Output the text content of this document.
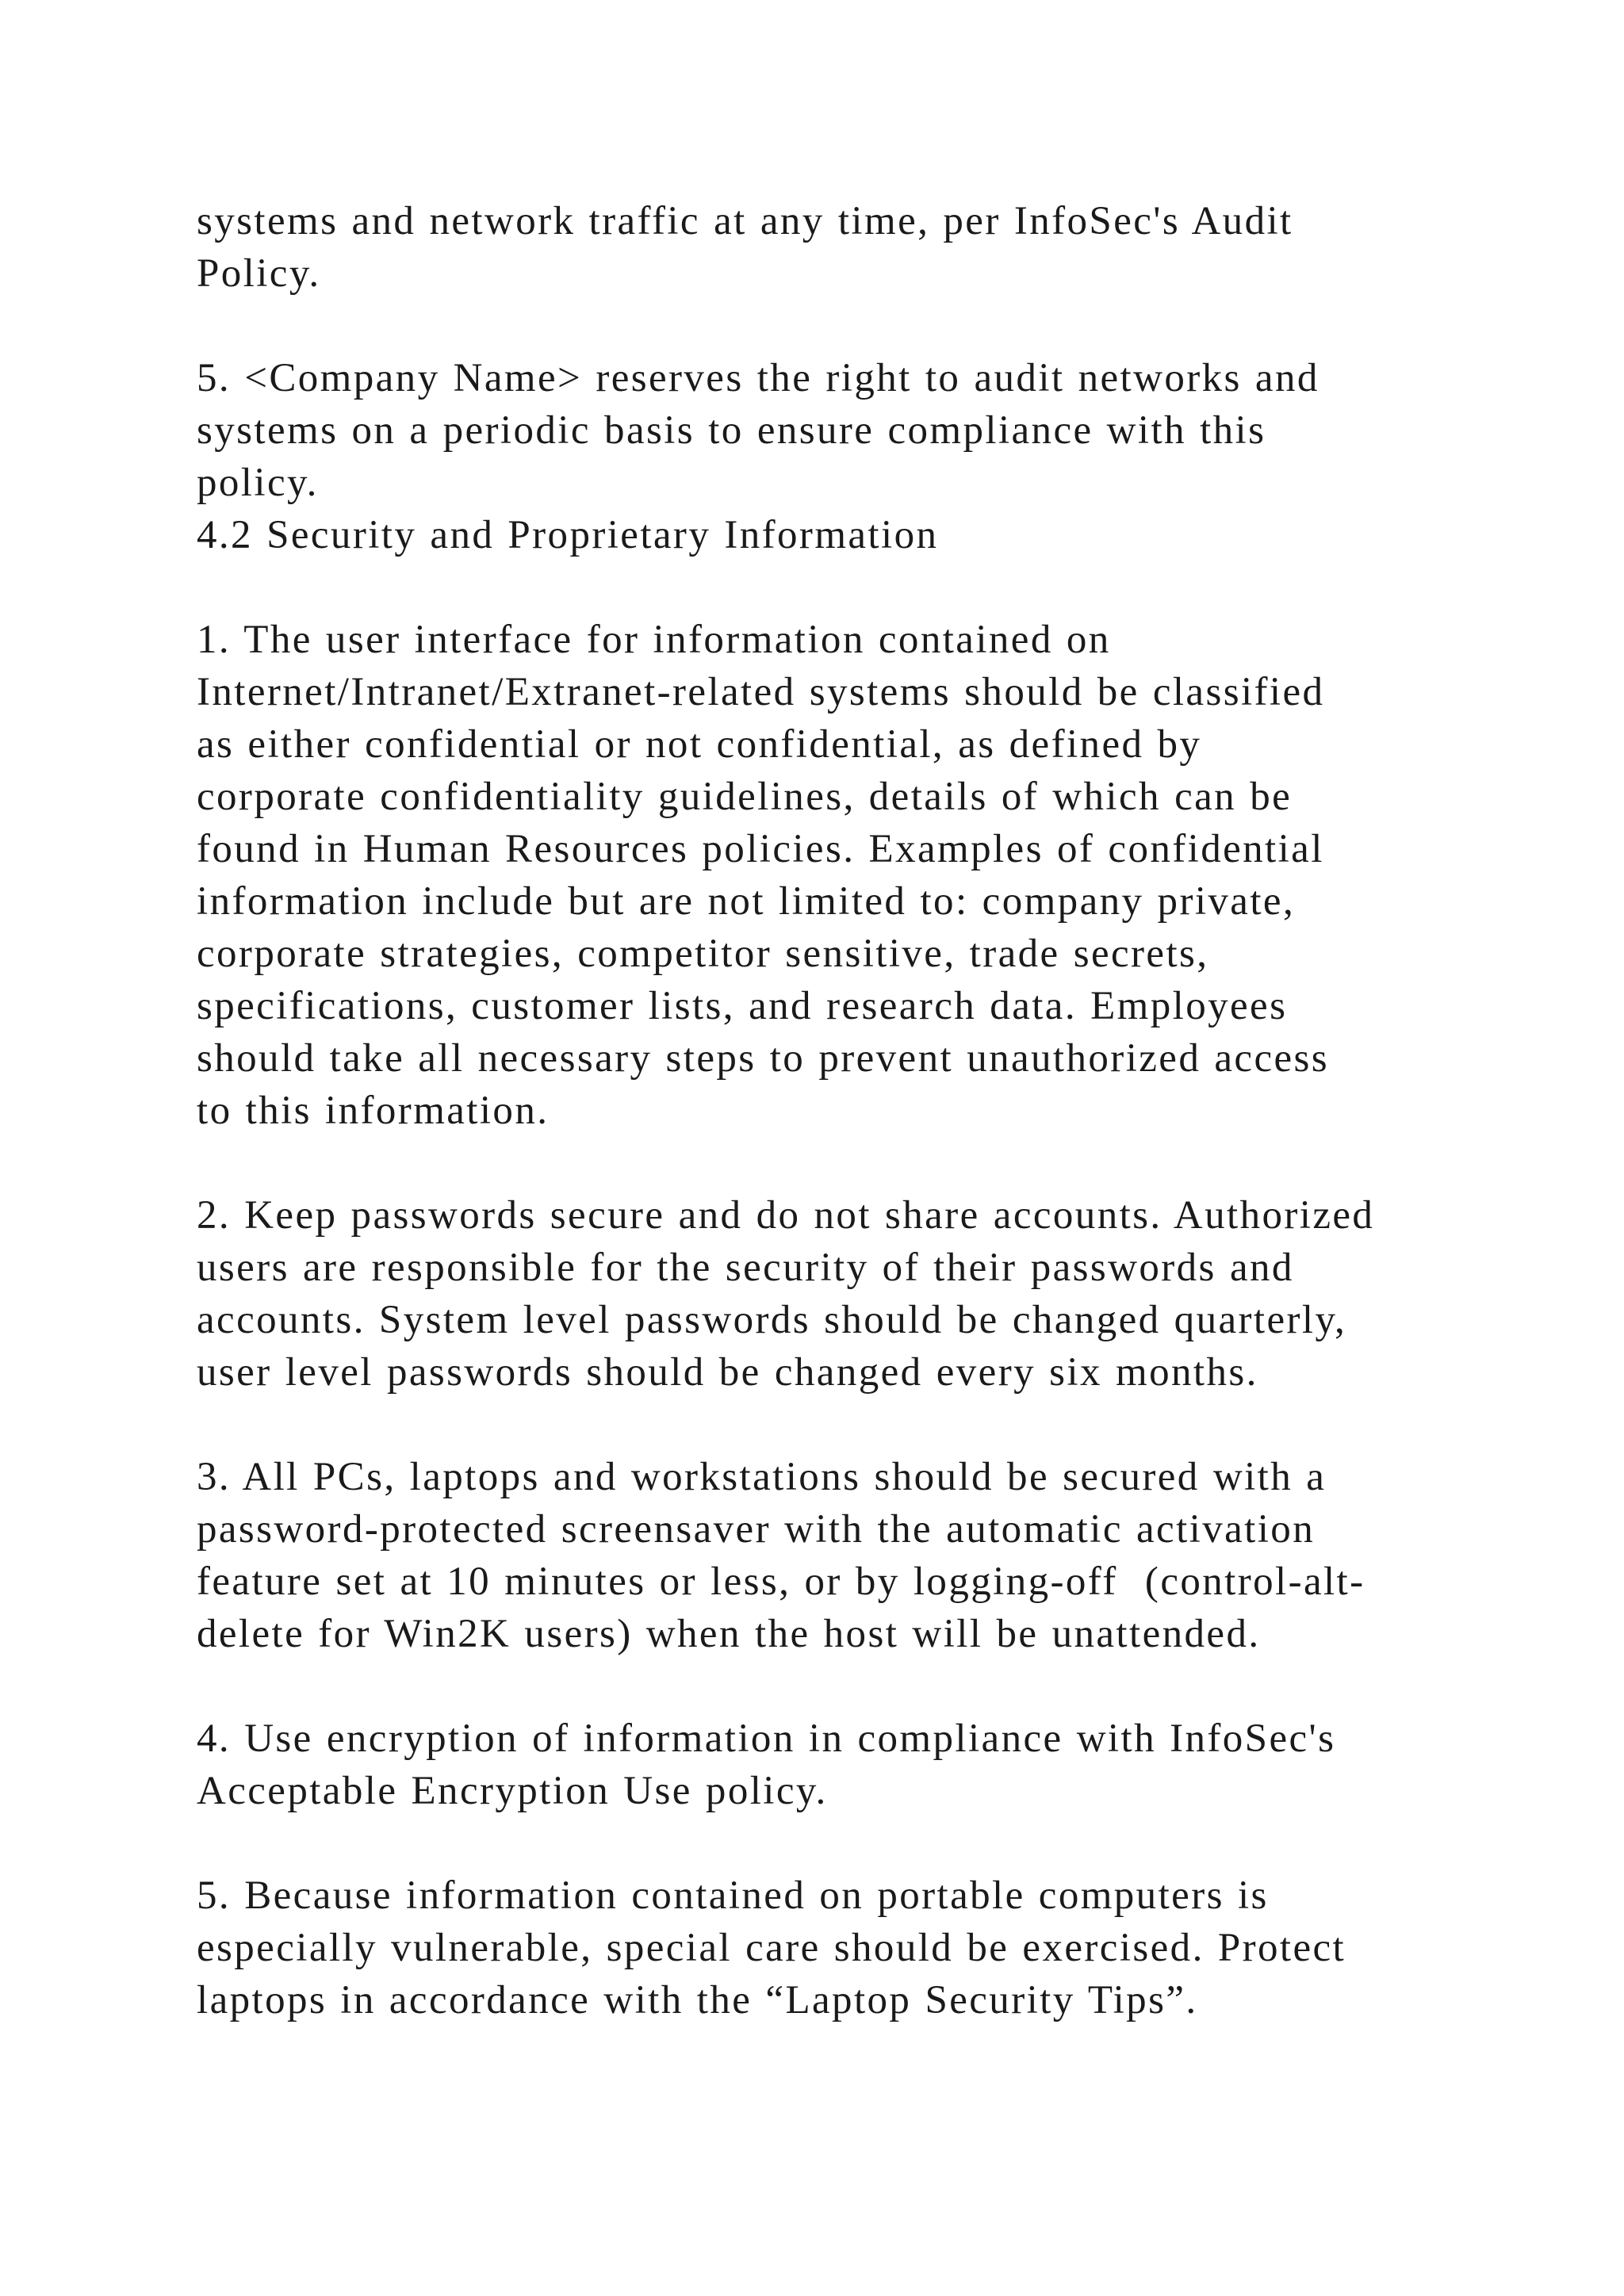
systems and network traffic at any time, per InfoSec's Audit
Policy.
5. <Company Name> reserves the right to audit networks and
systems on a periodic basis to ensure compliance with this
policy.
4.2 Security and Proprietary Information
1. The user interface for information contained on
Internet/Intranet/Extranet-related systems should be classified
as either confidential or not confidential, as defined by
corporate confidentiality guidelines, details of which can be
found in Human Resources policies. Examples of confidential
information include but are not limited to: company private,
corporate strategies, competitor sensitive, trade secrets,
specifications, customer lists, and research data. Employees
should take all necessary steps to prevent unauthorized access
to this information.
2. Keep passwords secure and do not share accounts. Authorized
users are responsible for the security of their passwords and
accounts. System level passwords should be changed quarterly,
user level passwords should be changed every six months.
3. All PCs, laptops and workstations should be secured with a
password-protected screensaver with the automatic activation
feature set at 10 minutes or less, or by logging-off  (control-alt-
delete for Win2K users) when the host will be unattended.
4. Use encryption of information in compliance with InfoSec's
Acceptable Encryption Use policy.
5. Because information contained on portable computers is
especially vulnerable, special care should be exercised. Protect
laptops in accordance with the “Laptop Security Tips”.
